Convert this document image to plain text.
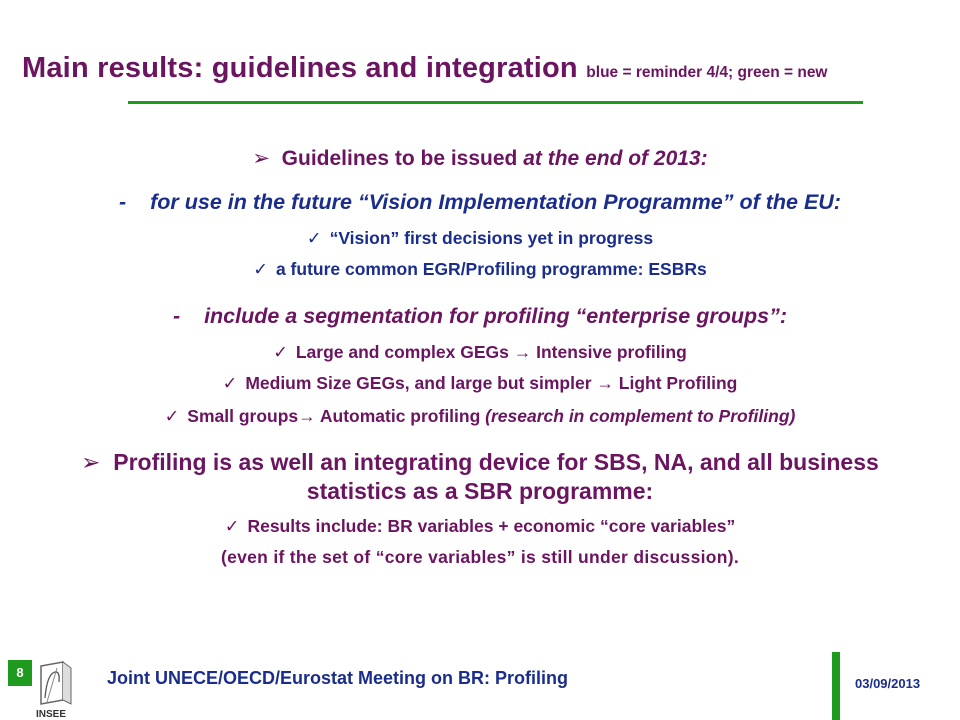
Main results: guidelines and integration blue = reminder 4/4; green = new
➢ Guidelines to be issued at the end of 2013:
- for use in the future “Vision Implementation Programme” of the EU:
✓ “Vision” first decisions yet in progress
✓ a future common EGR/Profiling programme: ESBRs
- include a segmentation for profiling “enterprise groups”:
✓ Large and complex GEGs → Intensive profiling
✓ Medium Size GEGs, and large but simpler → Light Profiling
✓ Small groups→ Automatic profiling (research in complement to Profiling)
➢ Profiling is as well an integrating device for SBS, NA, and all business
statistics as a SBR programme:
✓ Results include: BR variables + economic “core variables”
(even if the set of “core variables” is still under discussion).
8
INSEE
Joint UNECE/OECD/Eurostat Meeting on BR: Profiling	03/09/2013
